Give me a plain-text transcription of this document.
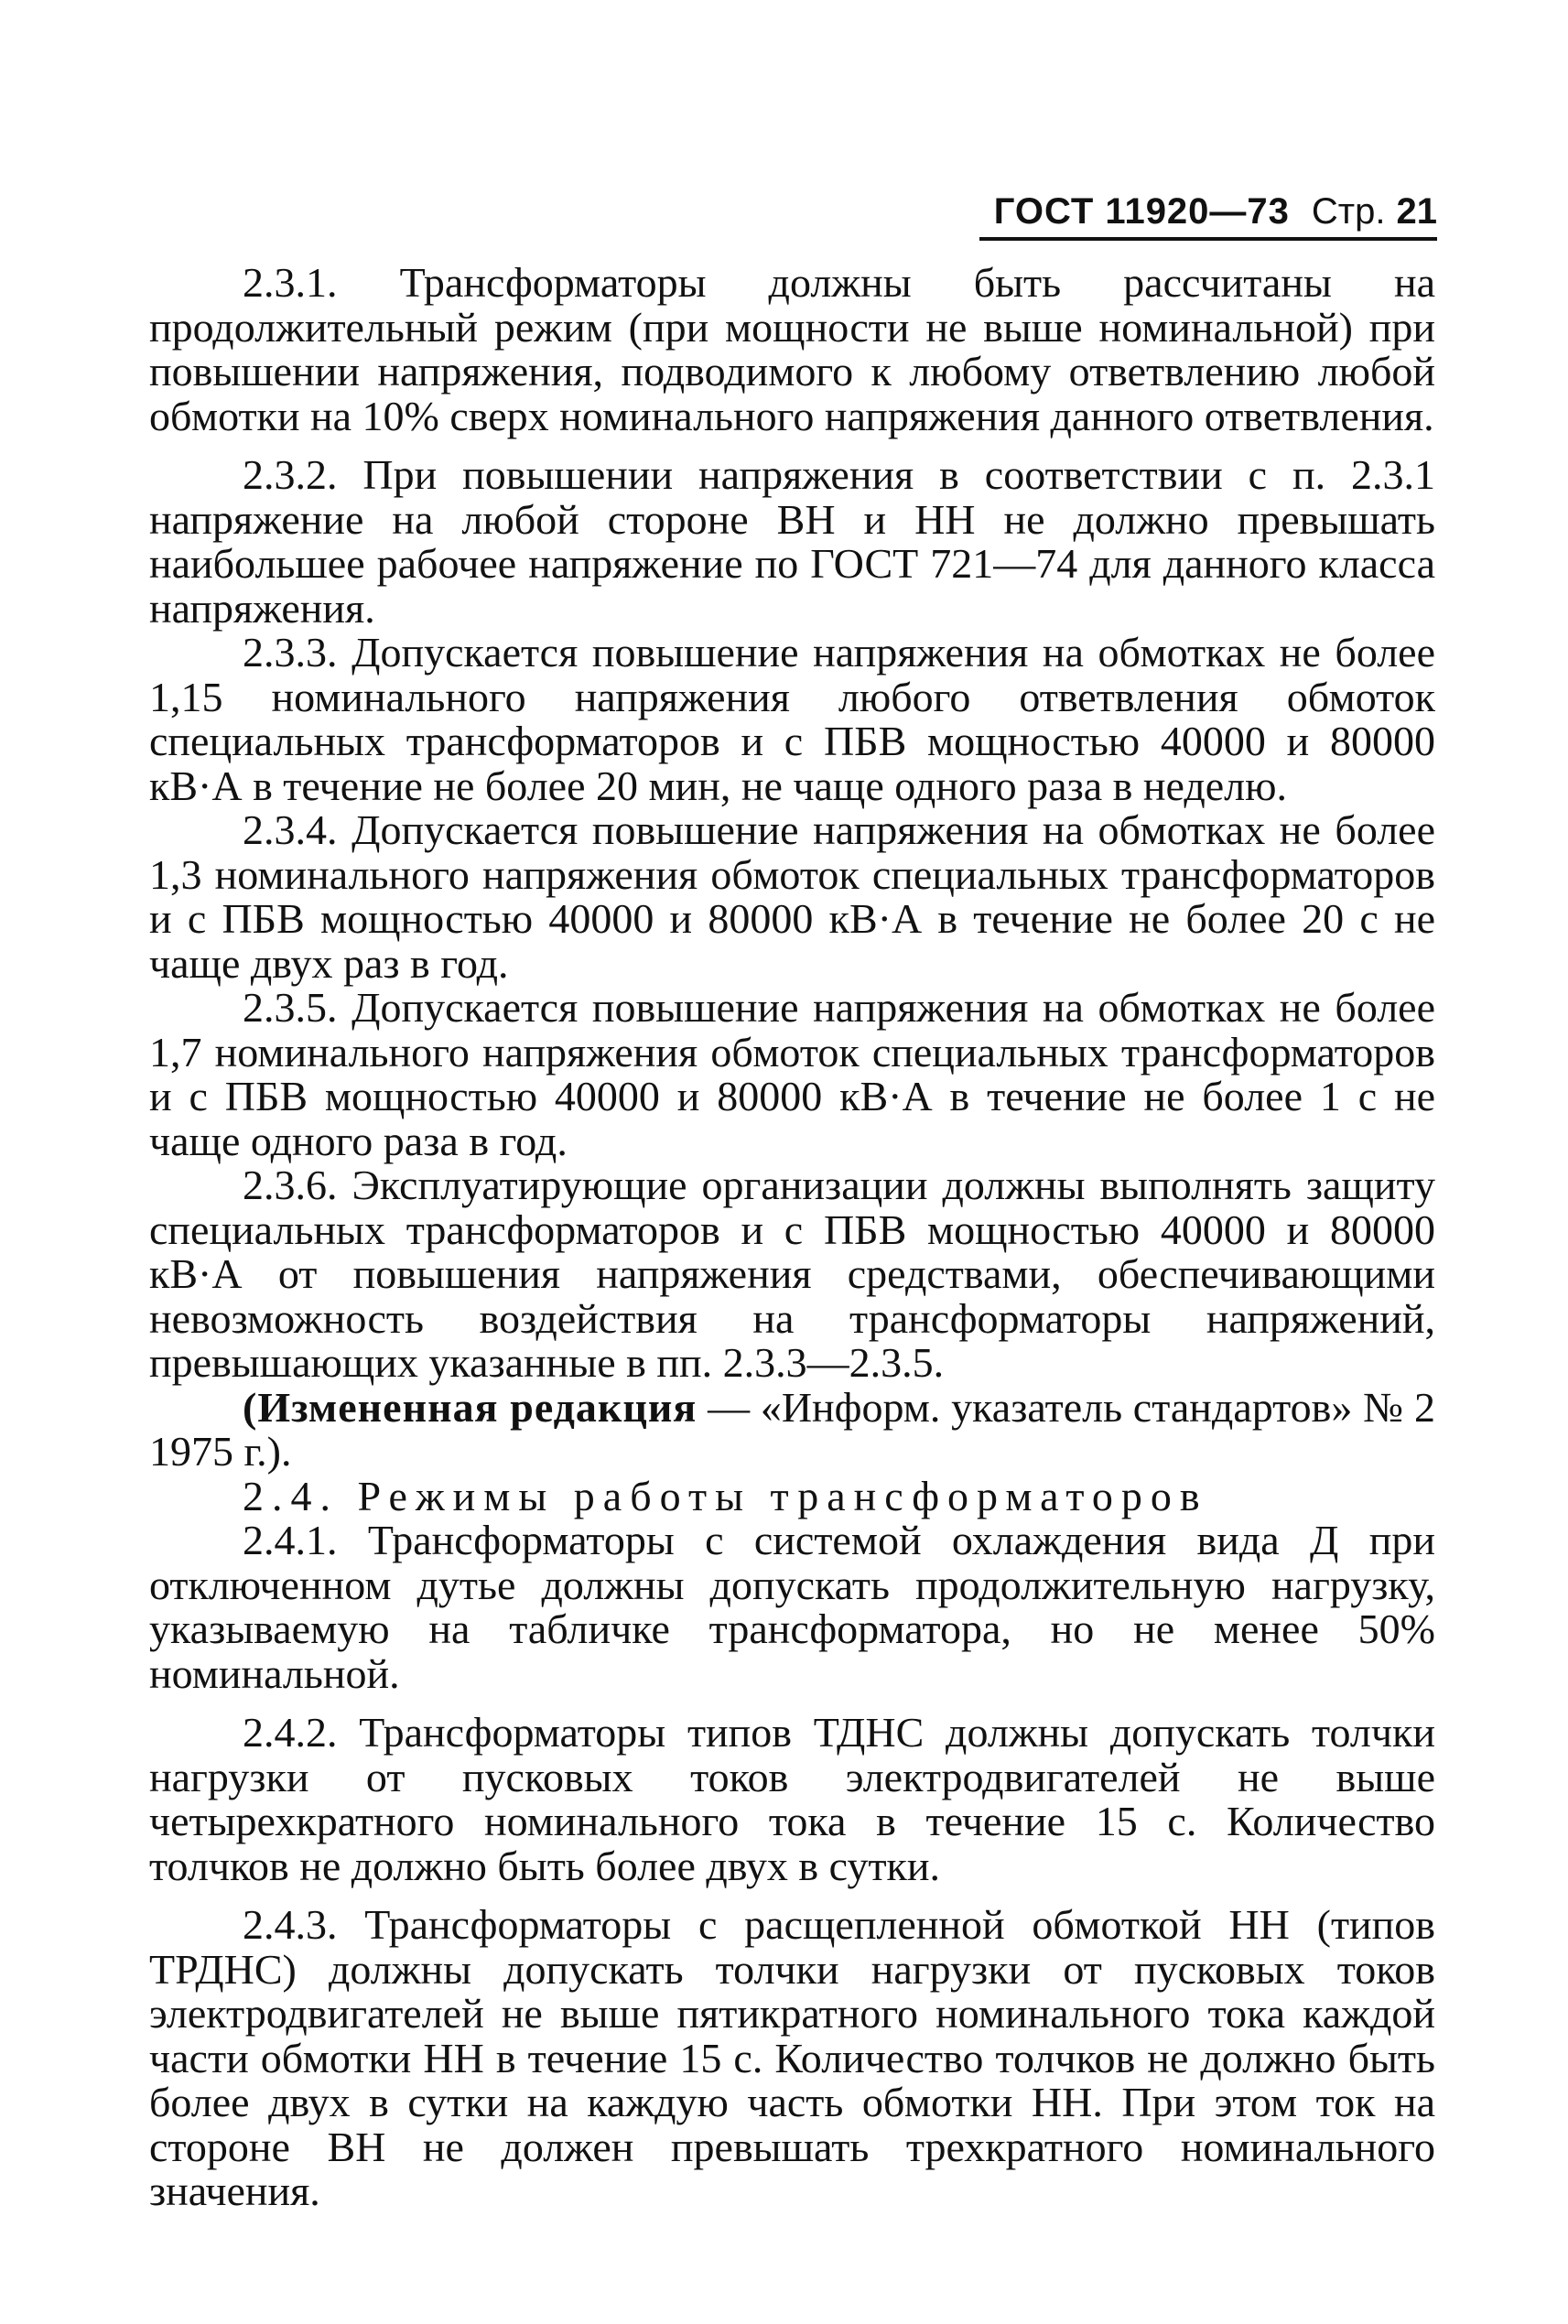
ГОСТ 11920—73 Стр. 21

2.3.1. Трансформаторы должны быть рассчитаны на продолжительный режим (при мощности не выше номинальной) при повышении напряжения, подводимого к любому ответвлению любой обмотки на 10% сверх номинального напряжения данного ответвления.

2.3.2. При повышении напряжения в соответствии с п. 2.3.1 напряжение на любой стороне ВН и НН не должно превышать наибольшее рабочее напряжение по ГОСТ 721—74 для данного класса напряжения.

2.3.3. Допускается повышение напряжения на обмотках не более 1,15 номинального напряжения любого ответвления обмоток специальных трансформаторов и с ПБВ мощностью 40000 и 80000 кВ·А в течение не более 20 мин, не чаще одного раза в неделю.

2.3.4. Допускается повышение напряжения на обмотках не более 1,3 номинального напряжения обмоток специальных трансформаторов и с ПБВ мощностью 40000 и 80000 кВ·А в течение не более 20 с не чаще двух раз в год.

2.3.5. Допускается повышение напряжения на обмотках не более 1,7 номинального напряжения обмоток специальных трансформаторов и с ПБВ мощностью 40000 и 80000 кВ·А в течение не более 1 с не чаще одного раза в год.

2.3.6. Эксплуатирующие организации должны выполнять защиту специальных трансформаторов и с ПБВ мощностью 40000 и 80000 кВ·А от повышения напряжения средствами, обеспечивающими невозможность воздействия на трансформаторы напряжений, превышающих указанные в пп. 2.3.3—2.3.5.

(Измененная редакция — «Информ. указатель стандартов» № 2 1975 г.).

2.4. Режимы работы трансформаторов

2.4.1. Трансформаторы с системой охлаждения вида Д при отключенном дутье должны допускать продолжительную нагрузку, указываемую на табличке трансформатора, но не менее 50% номинальной.

2.4.2. Трансформаторы типов ТДНС должны допускать толчки нагрузки от пусковых токов электродвигателей не выше четырехкратного номинального тока в течение 15 с. Количество толчков не должно быть более двух в сутки.

2.4.3. Трансформаторы с расщепленной обмоткой НН (типов ТРДНС) должны допускать толчки нагрузки от пусковых токов электродвигателей не выше пятикратного номинального тока каждой части обмотки НН в течение 15 с. Количество толчков не должно быть более двух в сутки на каждую часть обмотки НН. При этом ток на стороне ВН не должен превышать трехкратного номинального значения.
